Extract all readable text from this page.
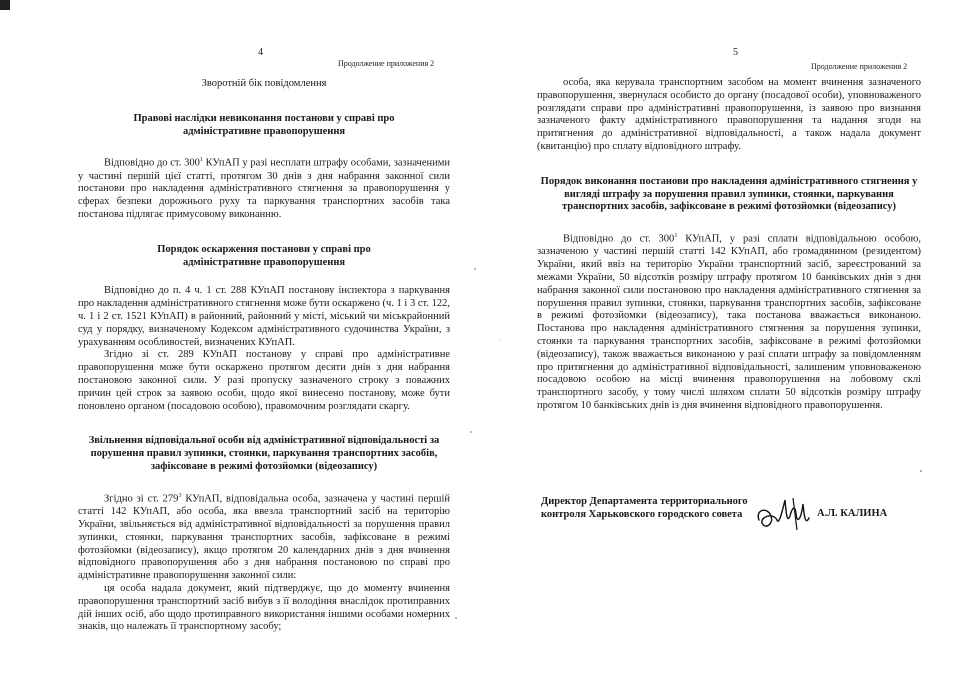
4
Продолжение приложения 2
Зворотній бік повідомлення
Правові наслідки невиконання постанови у справі про адміністративне правопорушення

Відповідно до ст. $300^1$ КУпАП у разі несплати штрафу особами, зазначеними у частині першій цієї статті, протягом 30 днів з дня набрання законної сили постанови про накладення адміністративного стягнення за правопорушення у сферах безпеки дорожнього руху та паркування транспортних засобів така постанова підлягає примусовому виконанню.

Порядок оскарження постанови у справі про адміністративне правопорушення

Відповідно до п. 4 ч. 1 ст. 288 КУпАП постанову інспектора з паркування про накладення адміністративного стягнення може бути оскаржено (ч. 1 і 3 ст. 122, ч. 1 і 2 ст. 1521 КУпАП) в районний, районний у місті, міський чи міськрайонний суд у порядку, визначеному Кодексом адміністративного судочинства України, з урахуванням особливостей, визначених КУпАП.

Згідно зі ст. 289 КУпАП постанову у справі про адміністративне правопорушення може бути оскаржено протягом десяти днів з дня набрання постановою законної сили. У разі пропуску зазначеного строку з поважних причин цей строк за заявою особи, щодо якої винесено постанову, може бути поновлено органом (посадовою особою), правомочним розглядати скаргу.

Звільнення відповідальної особи від адміністративної відповідальності за порушення правил зупинки, стоянки, паркування транспортних засобів, зафіксоване в режимі фотозйомки (відеозапису)

Згідно зі ст. $279^3$ КУпАП, відповідальна особа, зазначена у частині першій статті 142 КУпАП, або особа, яка ввезла транспортний засіб на територію України, звільняється від адміністративної відповідальності за порушення правил зупинки, стоянки, паркування транспортних засобів, зафіксоване в режимі фотозйомки (відеозапису), якщо протягом 20 календарних днів з дня вчинення відповідного правопорушення або з дня набрання постановою по справі про адміністративне правопорушення законної сили:

ця особа надала документ, який підтверджує, що до моменту вчинення правопорушення транспортний засіб вибув з її володіння внаслідок протиправних дій інших осіб, або щодо протиправного використання іншими особами номерних знаків, що належать її транспортному засобу;

5
Продолжение приложения 2

особа, яка керувала транспортним засобом на момент вчинення зазначеного правопорушення, звернулася особисто до органу (посадової особи), уповноваженого розглядати справи про адміністративні правопорушення, із заявою про визнання зазначеного факту адміністративного правопорушення та надання згоди на притягнення до адміністративної відповідальності, а також надала документ (квитанцію) про сплату відповідного штрафу.

Порядок виконання постанови про накладення адміністративного стягнення у вигляді штрафу за порушення правил зупинки, стоянки, паркування транспортних засобів, зафіксоване в режимі фотозйомки (відеозапису)

Відповідно до ст. $300^1$ КУпАП, у разі сплати відповідальною особою, зазначеною у частині першій статті 142 КУпАП, або громадянином (резидентом) України, який ввіз на територію України транспортний засіб, зареєстрований за межами України, 50 відсотків розміру штрафу протягом 10 банківських днів з дня набрання законної сили постановою про накладення адміністративного стягнення за порушення правил зупинки, стоянки, паркування транспортних засобів, зафіксоване в режимі фотозйомки (відеозапису), така постанова вважається виконаною. Постанова про накладення адміністративного стягнення за порушення зупинки, стоянки та паркування транспортних засобів, зафіксоване в режимі фотозйомки (відеозапису), також вважається виконаною у разі сплати штрафу за повідомленням про притягнення до адміністративної відповідальності, залишеним уповноваженою посадовою особою на місці вчинення правопорушення на лобовому склі транспортного засобу, у тому числі шляхом сплати 50 відсотків розміру штрафу протягом 10 банківських днів із дня вчинення відповідного правопорушення.

Директор Департамента территориального
контроля Харьковского городского совета	А.Л. КАЛИНА
